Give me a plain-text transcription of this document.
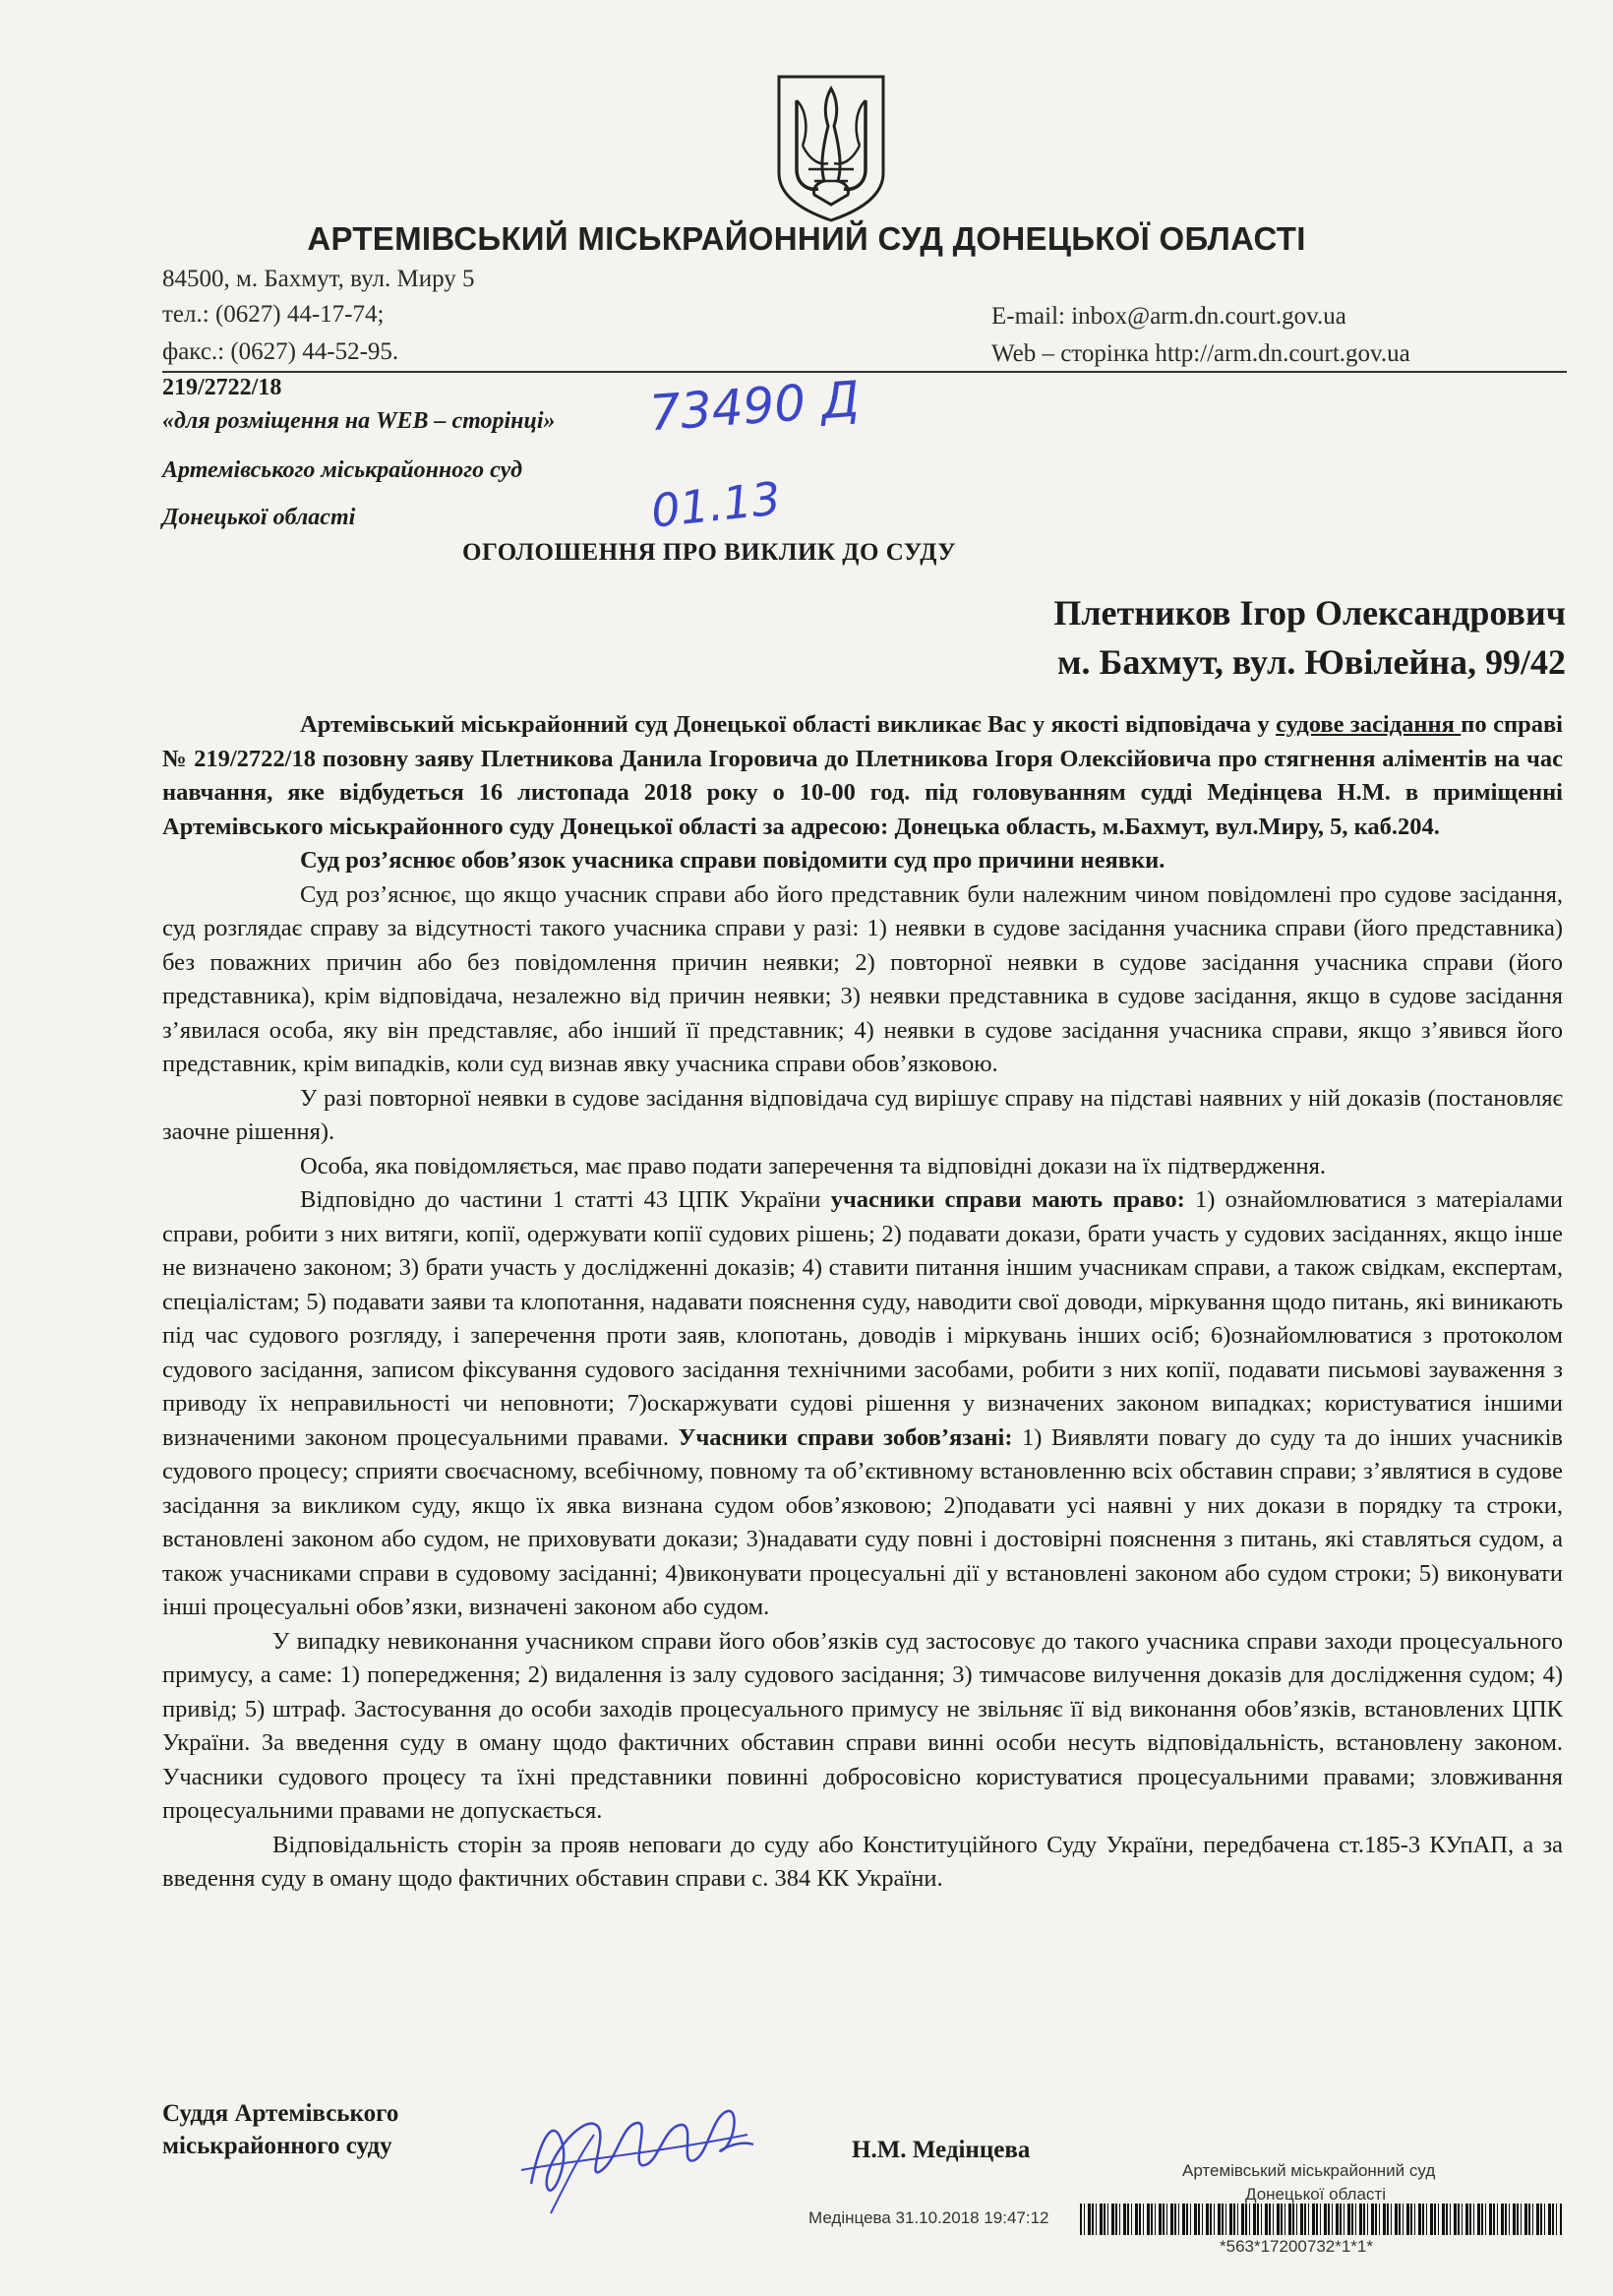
АРТЕМІВСЬКИЙ МІСЬКРАЙОННИЙ СУД ДОНЕЦЬКОЇ ОБЛАСТІ
84500, м. Бахмут, вул. Миру 5
тел.: (0627) 44-17-74;
факс.: (0627) 44-52-95.
E-mail: inbox@arm.dn.court.gov.ua
Web – сторінка http://arm.dn.court.gov.ua
219/2722/18
«для розміщення на WEB – сторінці»
Артемівського міськрайонного суд
Донецької області
73490 Д
01.13
ОГОЛОШЕННЯ ПРО ВИКЛИК ДО СУДУ
Плетников Ігор Олександрович
м. Бахмут, вул. Ювілейна, 99/42

Артемівський міськрайонний суд Донецької області викликає Вас у якості відповідача у судове засідання по справі № 219/2722/18 позовну заяву Плетникова Данила Ігоровича до Плетникова Ігоря Олексійовича про стягнення аліментів на час навчання, яке відбудеться 16 листопада 2018 року о 10-00 год. під головуванням судді Медінцева Н.М. в приміщенні Артемівського міськрайонного суду Донецької області за адресою: Донецька область, м.Бахмут, вул.Миру, 5, каб.204.

Суд роз’яснює обов’язок учасника справи повідомити суд про причини неявки.

Суд роз’яснює, що якщо учасник справи або його представник були належним чином повідомлені про судове засідання, суд розглядає справу за відсутності такого учасника справи у разі: 1) неявки в судове засідання учасника справи (його представника) без поважних причин або без повідомлення причин неявки; 2) повторної неявки в судове засідання учасника справи (його представника), крім відповідача, незалежно від причин неявки; 3) неявки представника в судове засідання, якщо в судове засідання з’явилася особа, яку він представляє, або інший її представник; 4) неявки в судове засідання учасника справи, якщо з’явився його представник, крім випадків, коли суд визнав явку учасника справи обов’язковою.

У разі повторної неявки в судове засідання відповідача суд вирішує справу на підставі наявних у ній доказів (постановляє заочне рішення).

Особа, яка повідомляється, має право подати заперечення та відповідні докази на їх підтвердження.

Відповідно до частини 1 статті 43 ЦПК України учасники справи мають право: 1) ознайомлюватися з матеріалами справи, робити з них витяги, копії, одержувати копії судових рішень; 2) подавати докази, брати участь у судових засіданнях, якщо інше не визначено законом; 3) брати участь у дослідженні доказів; 4) ставити питання іншим учасникам справи, а також свідкам, експертам, спеціалістам; 5) подавати заяви та клопотання, надавати пояснення суду, наводити свої доводи, міркування щодо питань, які виникають під час судового розгляду, і заперечення проти заяв, клопотань, доводів і міркувань інших осіб; 6)ознайомлюватися з протоколом судового засідання, записом фіксування судового засідання технічними засобами, робити з них копії, подавати письмові зауваження з приводу їх неправильності чи неповноти; 7)оскаржувати судові рішення у визначених законом випадках; користуватися іншими визначеними законом процесуальними правами. Учасники справи зобов’язані: 1) Виявляти повагу до суду та до інших учасників судового процесу; сприяти своєчасному, всебічному, повному та об’єктивному встановленню всіх обставин справи; з’являтися в судове засідання за викликом суду, якщо їх явка визнана судом обов’язковою; 2)подавати усі наявні у них докази в порядку та строки, встановлені законом або судом, не приховувати докази; 3)надавати суду повні і достовірні пояснення з питань, які ставляться судом, а також учасниками справи в судовому засіданні; 4)виконувати процесуальні дії у встановлені законом або судом строки; 5) виконувати інші процесуальні обов’язки, визначені законом або судом.

У випадку невиконання учасником справи його обов’язків суд застосовує до такого учасника справи заходи процесуального примусу, а саме: 1) попередження; 2) видалення із залу судового засідання; 3) тимчасове вилучення доказів для дослідження судом; 4) привід; 5) штраф. Застосування до особи заходів процесуального примусу не звільняє її від виконання обов’язків, встановлених ЦПК України. За введення суду в оману щодо фактичних обставин справи винні особи несуть відповідальність, встановлену законом. Учасники судового процесу та їхні представники повинні добросовісно користуватися процесуальними правами; зловживання процесуальними правами не допускається.

Відповідальність сторін за прояв неповаги до суду або Конституційного Суду України, передбачена ст.185-3 КУпАП, а за введення суду в оману щодо фактичних обставин справи с. 384 КК України.

Суддя Артемівського
міськрайонного суду	Н.М. Медінцева
Артемівський міськрайонний суд
Донецької області
Медінцева 31.10.2018 19:47:12
*563*17200732*1*1*
